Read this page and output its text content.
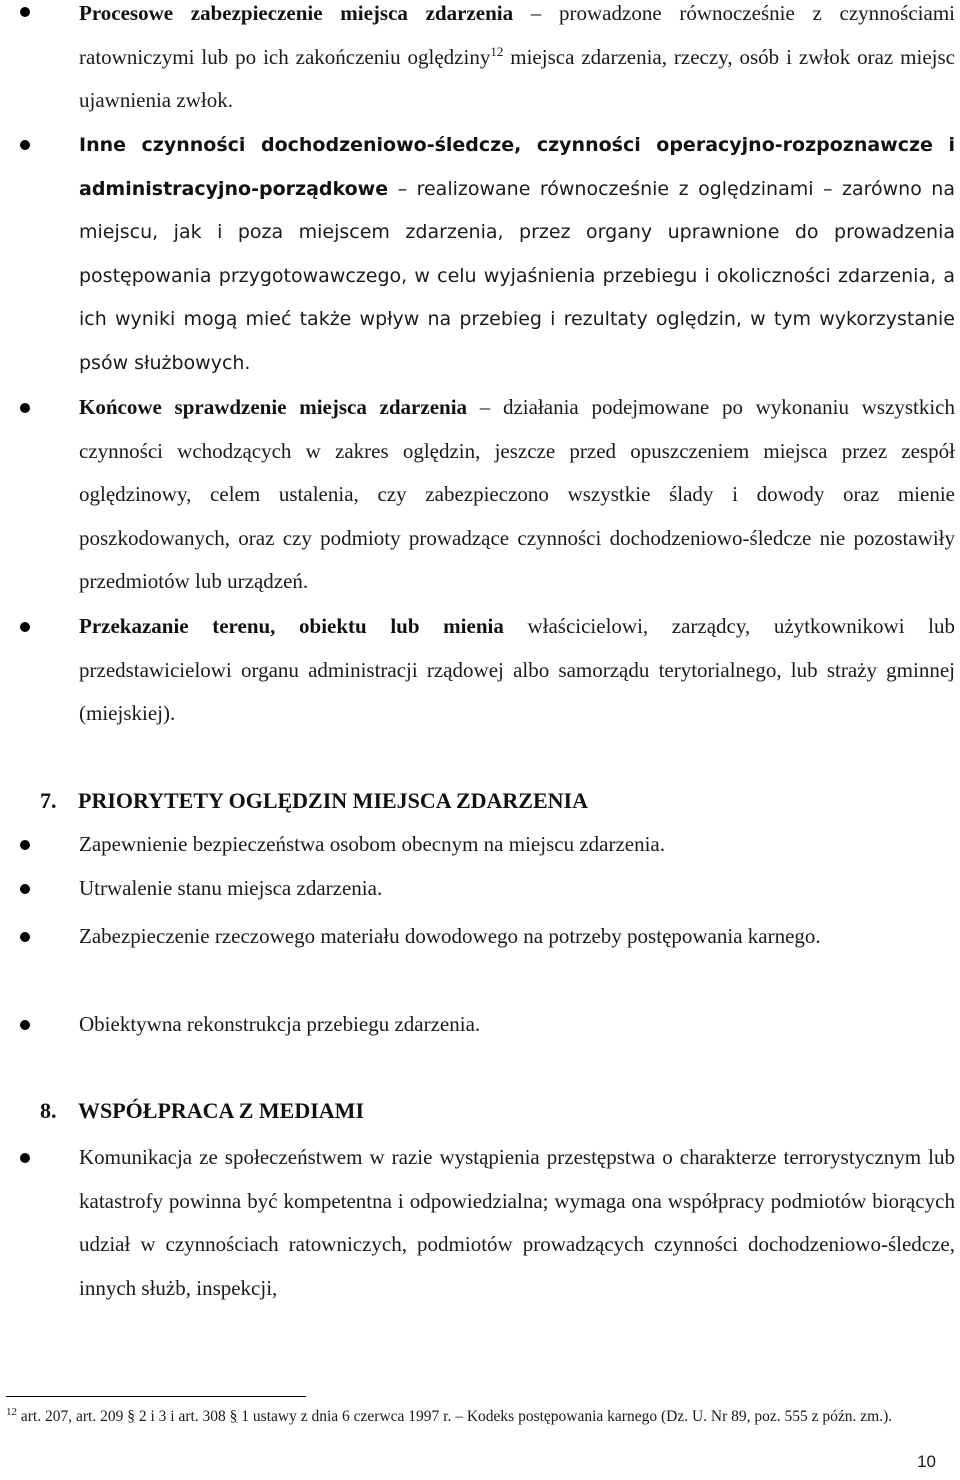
Procesowe zabezpieczenie miejsca zdarzenia – prowadzone równocześnie z czynnościami ratowniczymi lub po ich zakończeniu oględziny$^{12}$ miejsca zdarzenia, rzeczy, osób i zwłok oraz miejsc ujawnienia zwłok.
Inne czynności dochodzeniowo-śledcze, czynności operacyjno-rozpoznawcze i administracyjno-porządkowe – realizowane równocześnie z oględzinami – zarówno na miejscu, jak i poza miejscem zdarzenia, przez organy uprawnione do prowadzenia postępowania przygotowawczego, w celu wyjaśnienia przebiegu i okoliczności zdarzenia, a ich wyniki mogą mieć także wpływ na przebieg i rezultaty oględzin, w tym wykorzystanie psów służbowych.
Końcowe sprawdzenie miejsca zdarzenia – działania podejmowane po wykonaniu wszystkich czynności wchodzących w zakres oględzin, jeszcze przed opuszczeniem miejsca przez zespół oględzinowy, celem ustalenia, czy zabezpieczono wszystkie ślady i dowody oraz mienie poszkodowanych, oraz czy podmioty prowadzące czynności dochodzeniowo-śledcze nie pozostawiły przedmiotów lub urządzeń.
Przekazanie terenu, obiektu lub mienia właścicielowi, zarządcy, użytkownikowi lub przedstawicielowi organu administracji rządowej albo samorządu terytorialnego, lub straży gminnej (miejskiej).
7. PRIORYTETY OGLĘDZIN MIEJSCA ZDARZENIA
Zapewnienie bezpieczeństwa osobom obecnym na miejscu zdarzenia.
Utrwalenie stanu miejsca zdarzenia.
Zabezpieczenie rzeczowego materiału dowodowego na potrzeby postępowania karnego.
Obiektywna rekonstrukcja przebiegu zdarzenia.
8. WSPÓŁPRACA Z MEDIAMI
Komunikacja ze społeczeństwem w razie wystąpienia przestępstwa o charakterze terrorystycznym lub katastrofy powinna być kompetentna i odpowiedzialna; wymaga ona współpracy podmiotów biorących udział w czynnościach ratowniczych, podmiotów prowadzących czynności dochodzeniowo-śledcze, innych służb, inspekcji,
$^{12}$ art. 207, art. 209 § 2 i 3 i art. 308 § 1 ustawy z dnia 6 czerwca 1997 r. – Kodeks postępowania karnego (Dz. U. Nr 89, poz. 555 z późn. zm.).
10
